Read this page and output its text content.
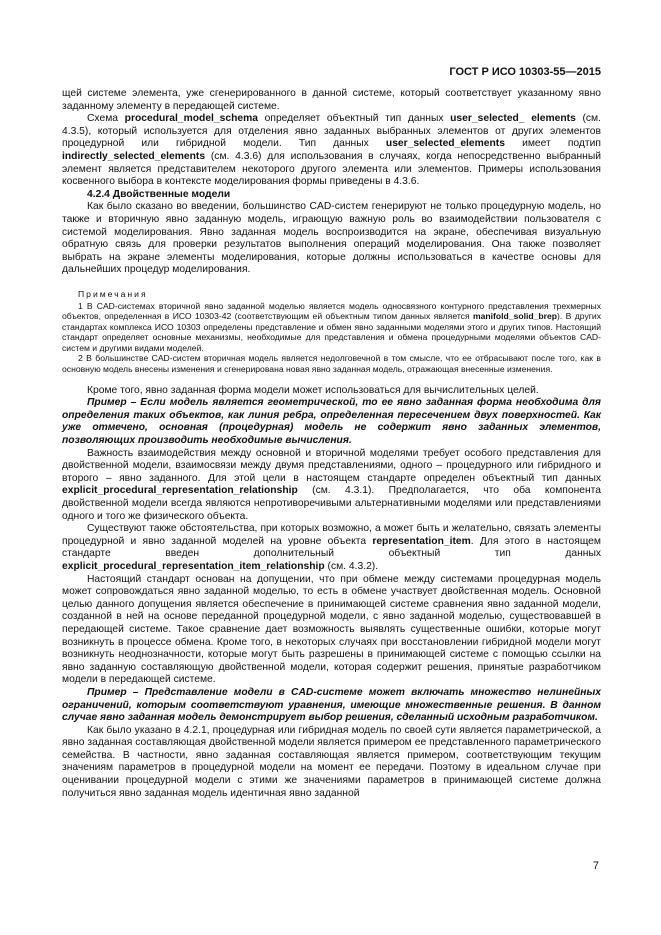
ГОСТ Р ИСО 10303-55—2015

щей системе элемента, уже сгенерированного в данной системе, который соответствует указанному явно заданному элементу в передающей системе.

Схема procedural_model_schema определяет объектный тип данных user_selected_ elements (см. 4.3.5), который используется для отделения явно заданных выбранных элементов от других элементов процедурной или гибридной модели. Тип данных user_selected_elements имеет подтип indirectly_selected_elements (см. 4.3.6) для использования в случаях, когда непосредственно выбранный элемент является представителем некоторого другого элемента или элементов. Примеры использования косвенного выбора в контексте моделирования формы приведены в 4.3.6.

4.2.4 Двойственные модели

Как было сказано во введении, большинство CAD-систем генерируют не только процедурную модель, но также и вторичную явно заданную модель, играющую важную роль во взаимодействии пользователя с системой моделирования. Явно заданная модель воспроизводится на экране, обеспечивая визуальную обратную связь для проверки результатов выполнения операций моделирования. Она также позволяет выбрать на экране элементы моделирования, которые должны использоваться в качестве основы для дальнейших процедур моделирования.

Примечания

1 В CAD-системах вторичной явно заданной моделью является модель односвязного контурного представления трехмерных объектов, определенная в ИСО 10303-42 (соответствующим ей объектным типом данных является manifold_solid_brep). В других стандартах комплекса ИСО 10303 определены представление и обмен явно заданными моделями этого и других типов. Настоящий стандарт определяет основные механизмы, необходимые для представления и обмена процедурными моделями объектов CAD-систем и другими видами моделей.

2 В большинстве CAD-систем вторичная модель является недолговечной в том смысле, что ее отбрасывают после того, как в основную модель внесены изменения и сгенерирована новая явно заданная модель, отражающая внесенные изменения.

Кроме того, явно заданная форма модели может использоваться для вычислительных целей.

Пример – Если модель является геометрической, то ее явно заданная форма необходима для определения таких объектов, как линия ребра, определенная пересечением двух поверхностей. Как уже отмечено, основная (процедурная) модель не содержит явно заданных элементов, позволяющих производить необходимые вычисления.

Важность взаимодействия между основной и вторичной моделями требует особого представления для двойственной модели, взаимосвязи между двумя представлениями, одного – процедурного или гибридного и второго – явно заданного. Для этой цели в настоящем стандарте определен объектный тип данных explicit_procedural_representation_relationship (см. 4.3.1). Предполагается, что оба компонента двойственной модели всегда являются непротиворечивыми альтернативными моделями или представлениями одного и того же физического объекта.

Существуют также обстоятельства, при которых возможно, а может быть и желательно, связать элементы процедурной и явно заданной моделей на уровне объекта representation_item. Для этого в настоящем стандарте введен дополнительный объектный тип данных explicit_procedural_representation_item_relationship (см. 4.3.2).

Настоящий стандарт основан на допущении, что при обмене между системами процедурная модель может сопровождаться явно заданной моделью, то есть в обмене участвует двойственная модель. Основной целью данного допущения является обеспечение в принимающей системе сравнения явно заданной модели, созданной в ней на основе переданной процедурной модели, с явно заданной моделью, существовавшей в передающей системе. Такое сравнение дает возможность выявлять существенные ошибки, которые могут возникнуть в процессе обмена. Кроме того, в некоторых случаях при восстановлении гибридной модели могут возникнуть неоднозначности, которые могут быть разрешены в принимающей системе с помощью ссылки на явно заданную составляющую двойственной модели, которая содержит решения, принятые разработчиком модели в передающей системе.

Пример – Представление модели в CAD-системе может включать множество нелинейных ограничений, которым соответствуют уравнения, имеющие множественные решения. В данном случае явно заданная модель демонстрирует выбор решения, сделанный исходным разработчиком.

Как было указано в 4.2.1, процедурная или гибридная модель по своей сути является параметрической, а явно заданная составляющая двойственной модели является примером ее представленного параметрического семейства. В частности, явно заданная составляющая является примером, соответствующим текущим значениям параметров в процедурной модели на момент ее передачи. Поэтому в идеальном случае при оценивании процедурной модели с этими же значениями параметров в принимающей системе должна получиться явно заданная модель идентичная явно заданной

7
